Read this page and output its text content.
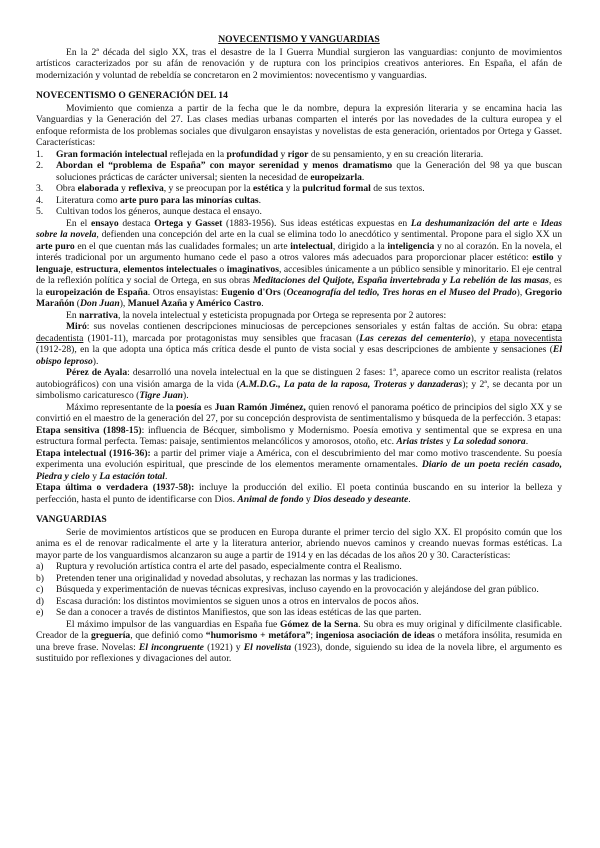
NOVECENTISMO Y VANGUARDIAS

En la 2ª década del siglo XX, tras el desastre de la I Guerra Mundial surgieron las vanguardias: conjunto de movimientos artísticos caracterizados por su afán de renovación y de ruptura con los principios creativos anteriores. En España, el afán de modernización y voluntad de rebeldía se concretaron en 2 movimientos: novecentismo y vanguardias.

NOVECENTISMO O GENERACIÓN DEL 14

Movimiento que comienza a partir de la fecha que le da nombre, depura la expresión literaria y se encamina hacia las Vanguardias y la Generación del 27. Las clases medias urbanas comparten el interés por las novedades de la cultura europea y el enfoque reformista de los problemas sociales que divulgaron ensayistas y novelistas de esta generación, orientados por Ortega y Gasset. Características:

1.	Gran formación intelectual reflejada en la profundidad y rigor de su pensamiento, y en su creación literaria.
2.	Abordan el “problema de España” con mayor serenidad y menos dramatismo que la Generación del 98 ya que buscan soluciones prácticas de carácter universal; sienten la necesidad de europeizarla.
3.	Obra elaborada y reflexiva, y se preocupan por la estética y la pulcritud formal de sus textos.
4.	Literatura como arte puro para las minorías cultas.
5.	Cultivan todos los géneros, aunque destaca el ensayo.

En el ensayo destaca Ortega y Gasset (1883-1956). Sus ideas estéticas expuestas en La deshumanización del arte e Ideas sobre la novela, defienden una concepción del arte en la cual se elimina todo lo anecdótico y sentimental. Propone para el siglo XX un arte puro en el que cuentan más las cualidades formales; un arte intelectual, dirigido a la inteligencia y no al corazón. En la novela, el interés tradicional por un argumento humano cede el paso a otros valores más adecuados para proporcionar placer estético: estilo y lenguaje, estructura, elementos intelectuales o imaginativos, accesibles únicamente a un público sensible y minoritario. El eje central de la reflexión política y social de Ortega, en sus obras Meditaciones del Quijote, España invertebrada y La rebelión de las masas, es la europeización de España. Otros ensayistas: Eugenio d'Ors (Oceanografía del tedio, Tres horas en el Museo del Prado), Gregorio Marañón (Don Juan), Manuel Azaña y Américo Castro.

En narrativa, la novela intelectual y esteticista propugnada por Ortega se representa por 2 autores:

Miró: sus novelas contienen descripciones minuciosas de percepciones sensoriales y están faltas de acción. Su obra: etapa decadentista (1901-11), marcada por protagonistas muy sensibles que fracasan (Las cerezas del cementerio), y etapa novecentista (1912-28), en la que adopta una óptica más crítica desde el punto de vista social y esas descripciones de ambiente y sensaciones (El obispo leproso).

Pérez de Ayala: desarrolló una novela intelectual en la que se distinguen 2 fases: 1ª, aparece como un escritor realista (relatos autobiográficos) con una visión amarga de la vida (A.M.D.G., La pata de la raposa, Troteras y danzaderas); y 2ª, se decanta por un simbolismo caricaturesco (Tigre Juan).

Máximo representante de la poesía es Juan Ramón Jiménez, quien renovó el panorama poético de principios del siglo XX y se convirtió en el maestro de la generación del 27, por su concepción desprovista de sentimentalismo y búsqueda de la perfección. 3 etapas:

Etapa sensitiva (1898-15): influencia de Bécquer, simbolismo y Modernismo. Poesía emotiva y sentimental que se expresa en una estructura formal perfecta. Temas: paisaje, sentimientos melancólicos y amorosos, otoño, etc. Arias tristes y La soledad sonora.

Etapa intelectual (1916-36): a partir del primer viaje a América, con el descubrimiento del mar como motivo trascendente. Su poesía experimenta una evolución espiritual, que prescinde de los elementos meramente ornamentales. Diario de un poeta recién casado, Piedra y cielo y La estación total.

Etapa última o verdadera (1937-58): incluye la producción del exilio. El poeta continúa buscando en su interior la belleza y perfección, hasta el punto de identificarse con Dios. Animal de fondo y Dios deseado y deseante.

VANGUARDIAS

Serie de movimientos artísticos que se producen en Europa durante el primer tercio del siglo XX. El propósito común que los anima es el de renovar radicalmente el arte y la literatura anterior, abriendo nuevos caminos y creando nuevas formas estéticas. La mayor parte de los vanguardismos alcanzaron su auge a partir de 1914 y en las décadas de los años 20 y 30. Características:

a)	Ruptura y revolución artística contra el arte del pasado, especialmente contra el Realismo.
b)	Pretenden tener una originalidad y novedad absolutas, y rechazan las normas y las tradiciones.
c)	Búsqueda y experimentación de nuevas técnicas expresivas, incluso cayendo en la provocación y alejándose del gran público.
d)	Escasa duración: los distintos movimientos se siguen unos a otros en intervalos de pocos años.
e)	Se dan a conocer a través de distintos Manifiestos, que son las ideas estéticas de las que parten.

El máximo impulsor de las vanguardias en España fue Gómez de la Serna. Su obra es muy original y difícilmente clasificable. Creador de la greguería, que definió como “humorismo + metáfora”; ingeniosa asociación de ideas o metáfora insólita, resumida en una breve frase. Novelas: El incongruente (1921) y El novelista (1923), donde, siguiendo su idea de la novela libre, el argumento es sustituido por reflexiones y divagaciones del autor.
